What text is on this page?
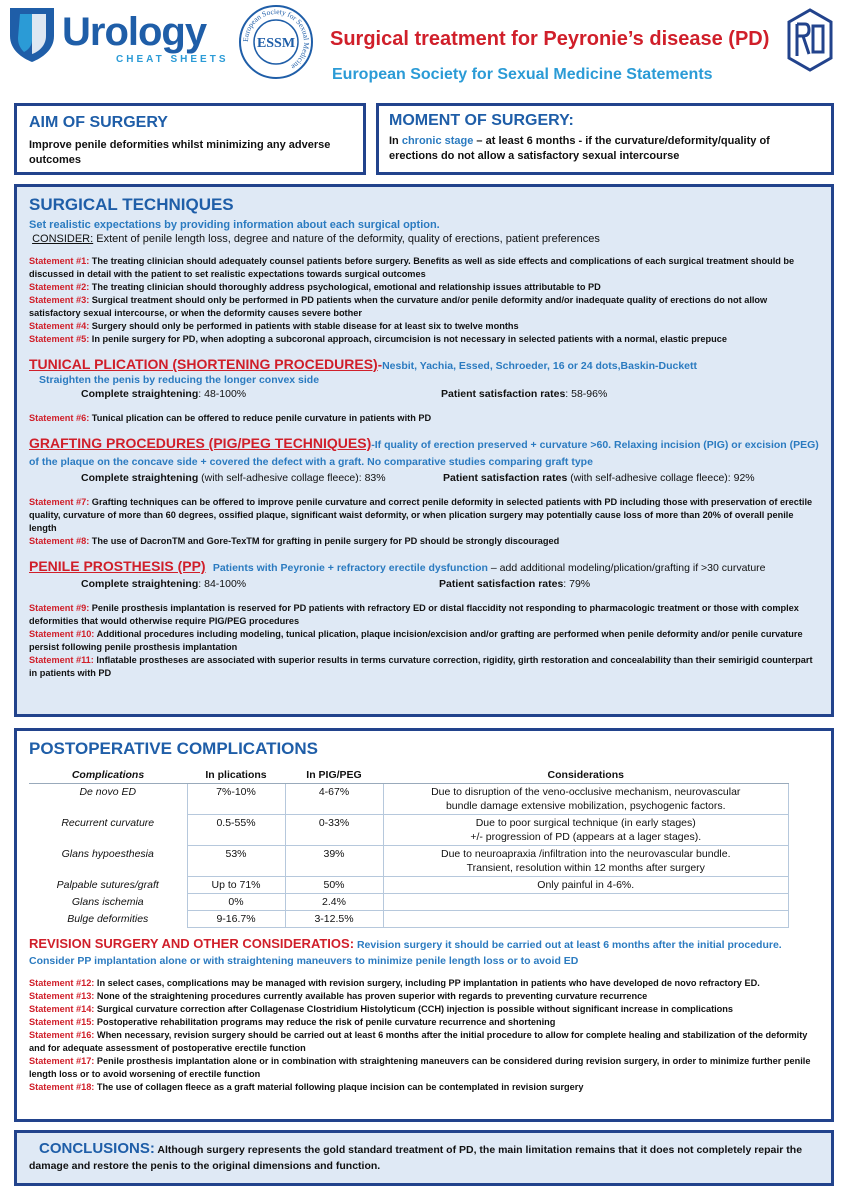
Urology
CHEAT SHEETS
European Society for Sexual Medicine
ESSM Surgical treatment for Peyronie’s disease (PD)
European Society for Sexual Medicine Statements
AIM OF SURGERY
Improve penile deformities whilst minimizing any adverse outcomes
MOMENT OF SURGERY:
In chronic stage – at least 6 months - if the curvature/deformity/quality of erections do not allow a satisfactory sexual intercourse
SURGICAL TECHNIQUES
Set realistic expectations by providing information about each surgical option.
CONSIDER: Extent of penile length loss, degree and nature of the deformity, quality of erections, patient preferences

Statement #1: The treating clinician should adequately counsel patients before surgery. Benefits as well as side effects and complications of each surgical treatment should be discussed in detail with the patient to set realistic expectations towards surgical outcomes

Statement #2: The treating clinician should thoroughly address psychological, emotional and relationship issues attributable to PD

Statement #3: Surgical treatment should only be performed in PD patients when the curvature and/or penile deformity and/or inadequate quality of erections do not allow satisfactory sexual intercourse, or when the deformity causes severe bother

Statement #4: Surgery should only be performed in patients with stable disease for at least six to twelve months

Statement #5: In penile surgery for PD, when adopting a subcoronal approach, circumcision is not necessary in selected patients with a normal, elastic prepuce

TUNICAL PLICATION (SHORTENING PROCEDURES)-Nesbit, Yachia, Essed, Schroeder, 16 or 24 dots,Baskin-Duckett
Straighten the penis by reducing the longer convex side
Complete straightening: 48-100%	Patient satisfaction rates: 58-96%

Statement #6: Tunical plication can be offered to reduce penile curvature in patients with PD

GRAFTING PROCEDURES (PIG/PEG TECHNIQUES)-If quality of erection preserved + curvature >60. Relaxing incision (PIG) or excision (PEG) of the plaque on the concave side + covered the defect with a graft. No comparative studies comparing graft type
Complete straightening (with self-adhesive collage fleece): 83%	Patient satisfaction rates (with self-adhesive collage fleece): 92%

Statement #7: Grafting techniques can be offered to improve penile curvature and correct penile deformity in selected patients with PD including those with preservation of erectile quality, curvature of more than 60 degrees, ossified plaque, significant waist deformity, or when plication surgery may potentially cause loss of more than 20% of overall penile length

Statement #8: The use of DacronTM and Gore-TexTM for grafting in penile surgery for PD should be strongly discouraged

PENILE PROSTHESIS (PP) Patients with Peyronie + refractory erectile dysfunction – add additional modeling/plication/grafting if >30 curvature
Complete straightening: 84-100%	Patient satisfaction rates: 79%

Statement #9: Penile prosthesis implantation is reserved for PD patients with refractory ED or distal flaccidity not responding to pharmacologic treatment or those with complex deformities that would otherwise require PIG/PEG procedures

Statement #10: Additional procedures including modeling, tunical plication, plaque incision/excision and/or grafting are performed when penile deformity and/or penile curvature persist following penile prosthesis implantation

Statement #11: Inflatable prostheses are associated with superior results in terms curvature correction, rigidity, girth restoration and concealability than their semirigid counterpart in patients with PD

POSTOPERATIVE COMPLICATIONS
Complications	In plications	In PIG/PEG	Considerations
De novo ED	7%-10%	4-67%	Due to disruption of the veno-occlusive mechanism, neurovascular
bundle damage extensive mobilization, psychogenic factors.

Recurrent curvature	0.5-55%	0-33%	Due to poor surgical technique (in early stages)
+/- progression of PD (appears at a lager stages).

Glans hypoesthesia	53%	39%	Due to neuroapraxia /infiltration into the neurovascular bundle.
Transient, resolution within 12 months after surgery

Palpable sutures/graft	Up to 71%	50%	Only painful in 4-6%.

Glans ischemia	0%	2.4%	
Bulge deformities	9-16.7%	3-12.5%	
REVISION SURGERY AND OTHER CONSIDERATIOS: Revision surgery it should be carried out at least 6 months after the initial procedure.
Consider PP implantation alone or with straightening maneuvers to minimize penile length loss or to avoid ED

Statement #12: In select cases, complications may be managed with revision surgery, including PP implantation in patients who have developed de novo refractory ED.

Statement #13: None of the straightening procedures currently available has proven superior with regards to preventing curvature recurrence

Statement #14: Surgical curvature correction after Collagenase Clostridium Histolyticum (CCH) injection is possible without significant increase in complications

Statement #15: Postoperative rehabilitation programs may reduce the risk of penile curvature recurrence and shortening

Statement #16: When necessary, revision surgery should be carried out at least 6 months after the initial procedure to allow for complete healing and stabilization of the deformity and for adequate assessment of postoperative erectile function

Statement #17: Penile prosthesis implantation alone or in combination with straightening maneuvers can be considered during revision surgery, in order to minimize further penile length loss or to avoid worsening of erectile function

Statement #18: The use of collagen fleece as a graft material following plaque incision can be contemplated in revision surgery

CONCLUSIONS: Although surgery represents the gold standard treatment of PD, the main limitation remains that it does not completely repair the damage and restore the penis to the original dimensions and function.
